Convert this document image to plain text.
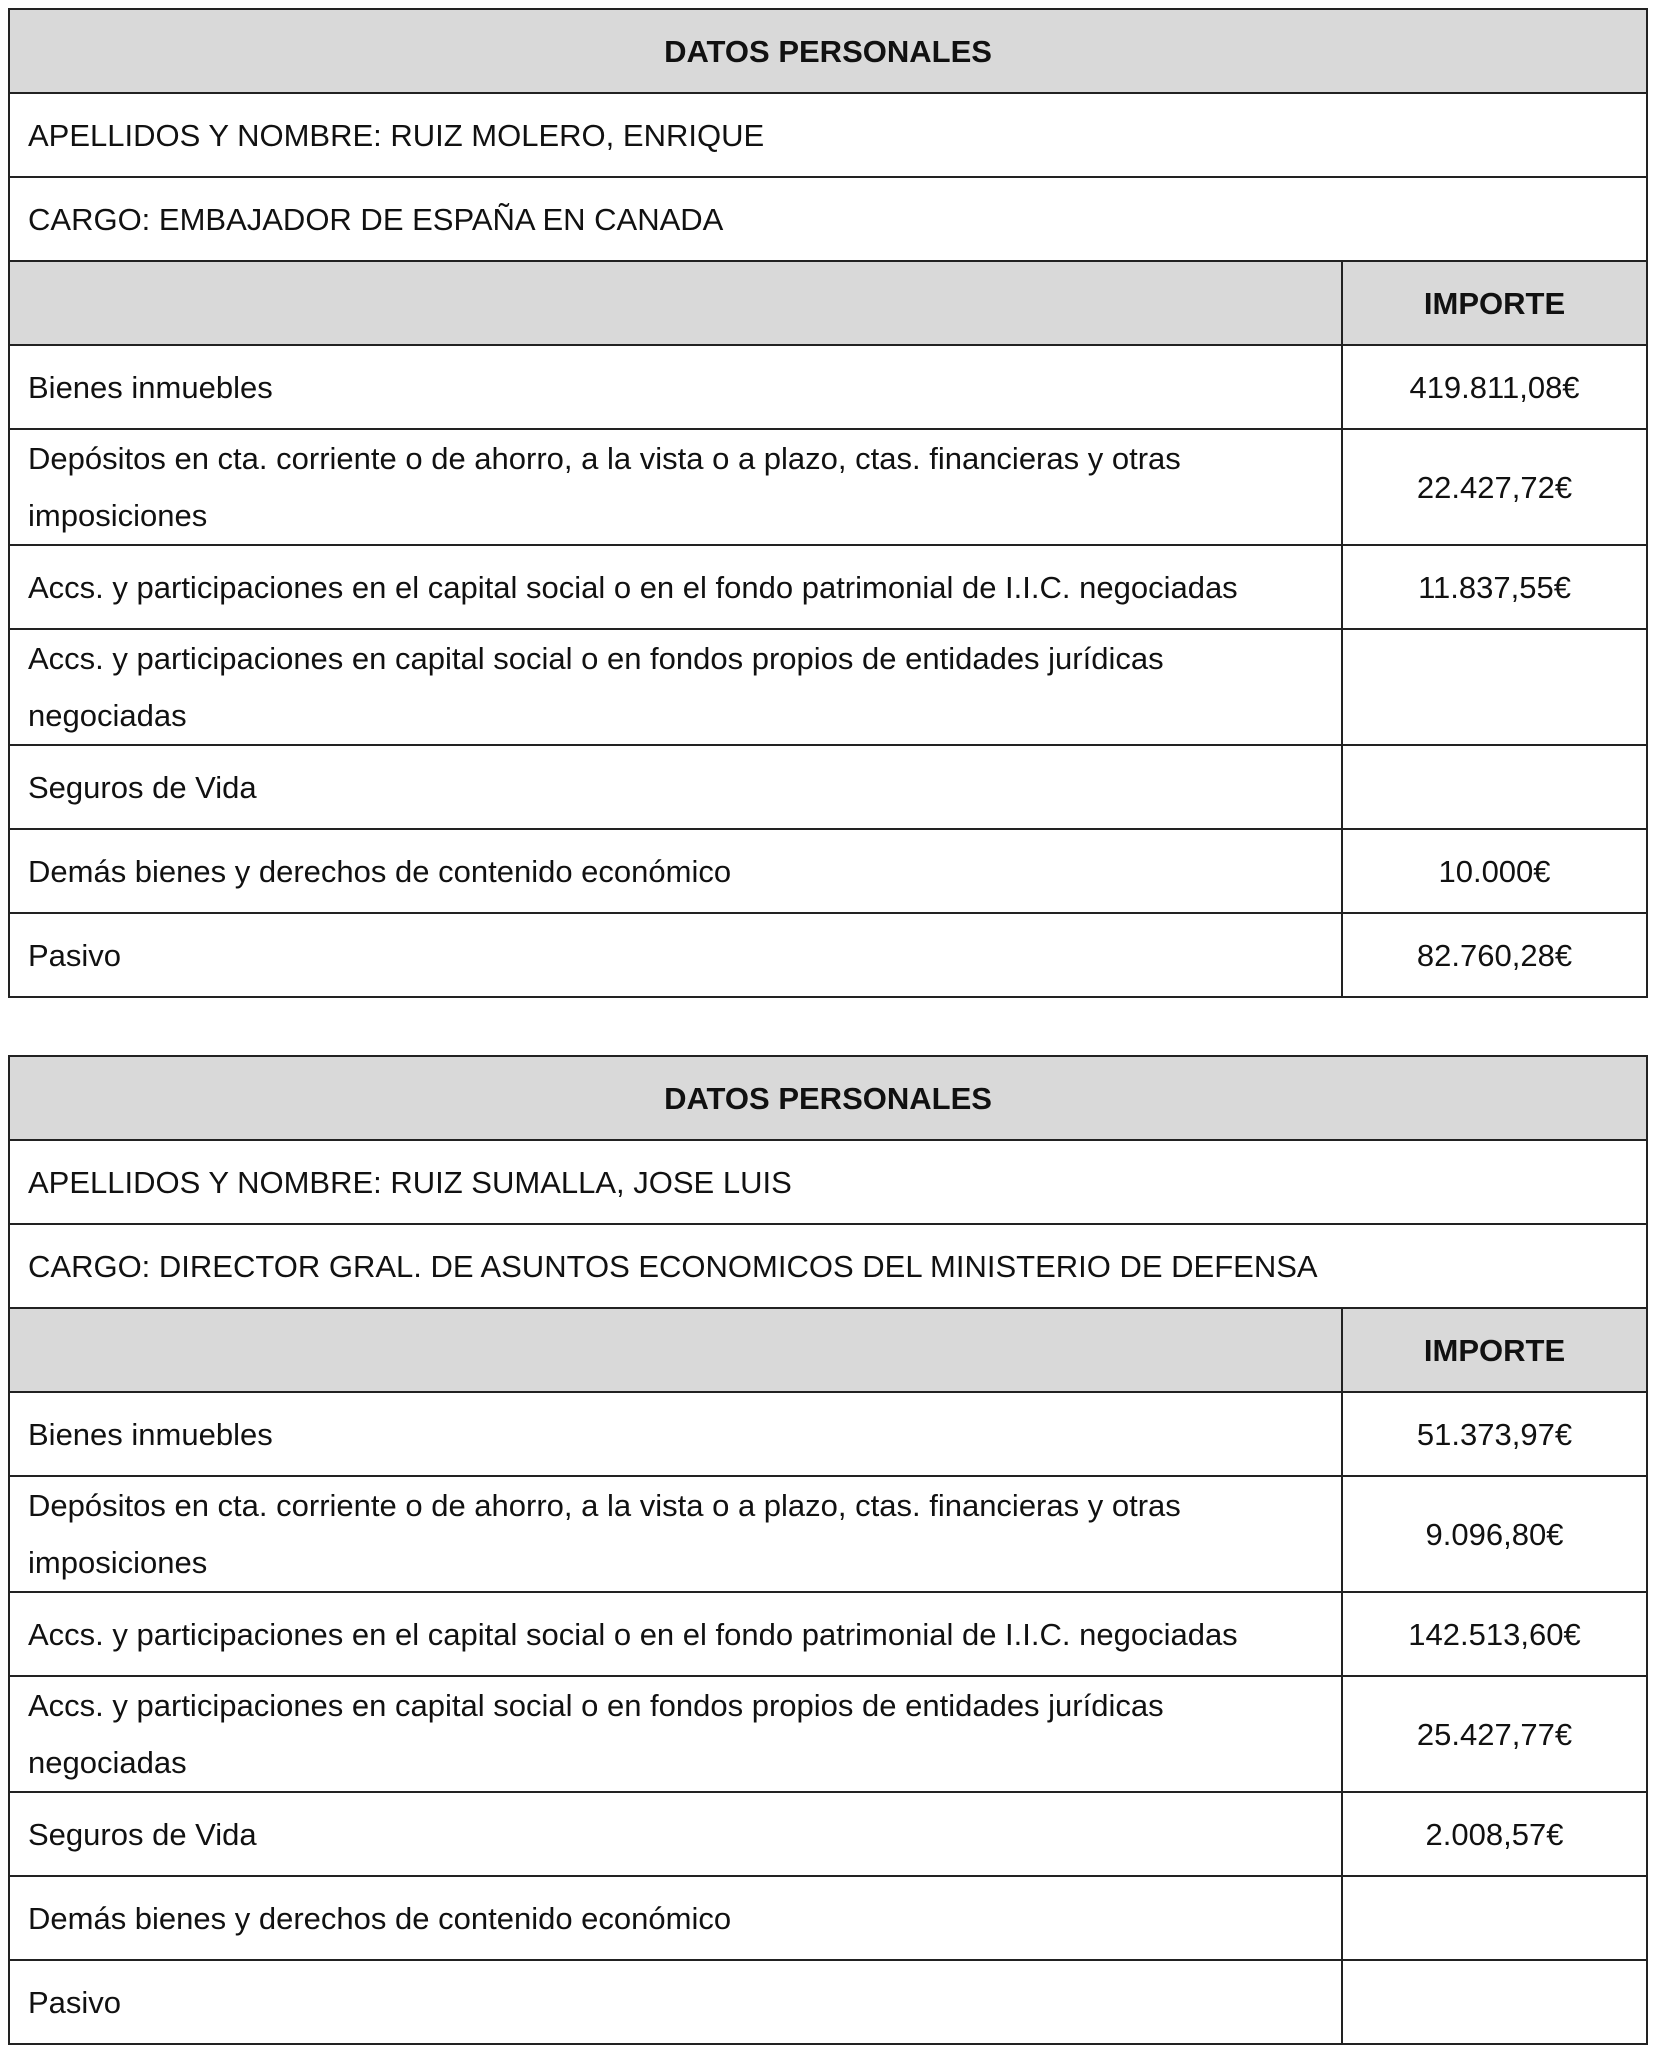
DATOS PERSONALES	
APELLIDOS Y NOMBRE: RUIZ MOLERO, ENRIQUE	
CARGO: EMBAJADOR DE ESPAÑA EN CANADA	
	IMPORTE
Bienes inmuebles	419.811,08€
Depósitos en cta. corriente o de ahorro, a la vista o a plazo, ctas. financieras y otras imposiciones	22.427,72€
Accs. y participaciones en el capital social o en el fondo patrimonial de I.I.C. negociadas	11.837,55€
Accs. y participaciones en capital social o en fondos propios de entidades jurídicas negociadas	
Seguros de Vida	
Demás bienes y derechos de contenido económico	10.000€
Pasivo	82.760,28€
DATOS PERSONALES	
APELLIDOS Y NOMBRE: RUIZ SUMALLA, JOSE LUIS	
CARGO: DIRECTOR GRAL. DE ASUNTOS ECONOMICOS DEL MINISTERIO DE DEFENSA	
	IMPORTE
Bienes inmuebles	51.373,97€
Depósitos en cta. corriente o de ahorro, a la vista o a plazo, ctas. financieras y otras imposiciones	9.096,80€
Accs. y participaciones en el capital social o en el fondo patrimonial de I.I.C. negociadas	142.513,60€
Accs. y participaciones en capital social o en fondos propios de entidades jurídicas negociadas	25.427,77€
Seguros de Vida	2.008,57€
Demás bienes y derechos de contenido económico	
Pasivo	
